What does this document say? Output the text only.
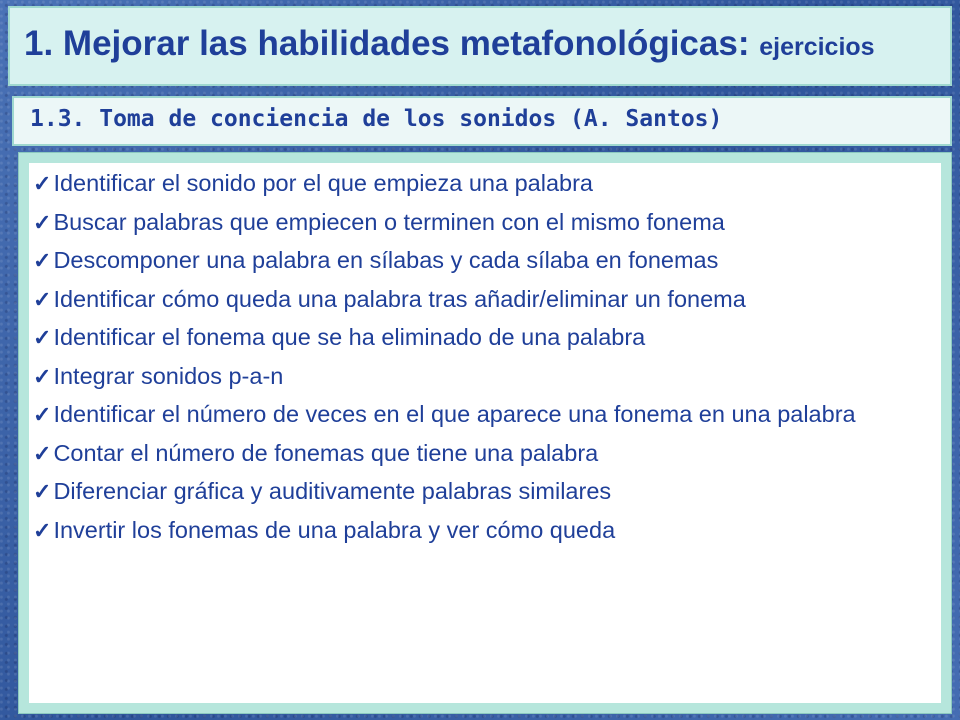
1. Mejorar las habilidades metafonológicas: ejercicios
1.3. Toma de conciencia de los sonidos (A. Santos)
✓Identificar el sonido por el que empieza una palabra
✓Buscar palabras que empiecen o terminen con el mismo fonema
✓Descomponer una palabra en sílabas y cada sílaba en fonemas
✓Identificar cómo queda una palabra tras añadir/eliminar un fonema
✓Identificar el fonema que se ha eliminado de una palabra
✓Integrar sonidos p-a-n
✓Identificar el número de veces en el que aparece una fonema en una palabra
✓Contar el número de fonemas que tiene una palabra
✓Diferenciar gráfica y auditivamente palabras similares
✓Invertir los fonemas de una palabra y ver cómo queda
